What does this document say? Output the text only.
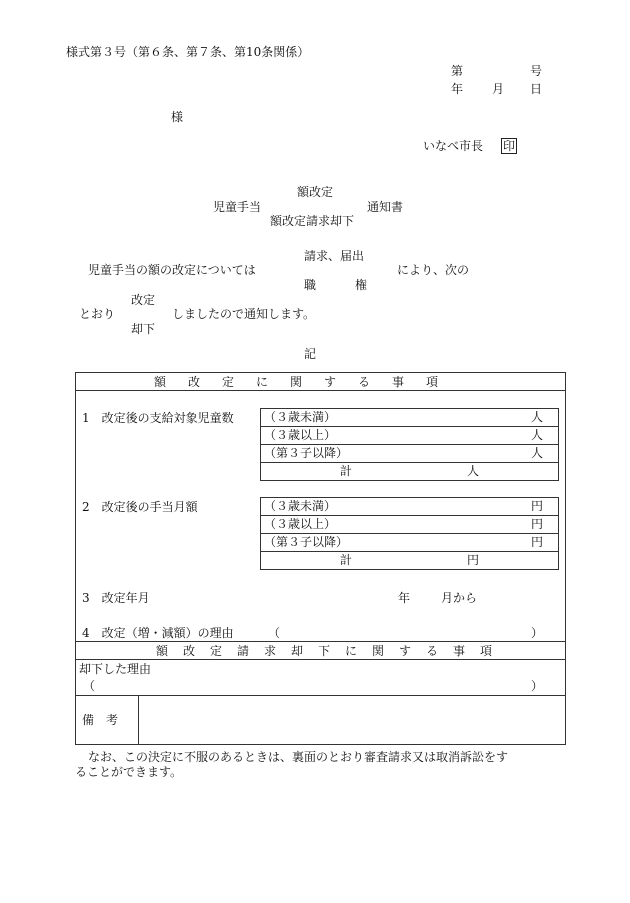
様式第３号（第６条、第７条、第10条関係）
第	号
年 月 日
様
いなべ市長 印
額改定
児童手当	通知書
額改定請求却下
請求、届出
児童手当の額の改定については	により、次の
職	権
改定
とおり	しましたので通知します。
却下
記
額改定に関する事項
1　改定後の支給対象児童数	（３歳未満）	人
（３歳以上）	人
（第３子以降）	人
計	人
2　改定後の手当月額	（３歳未満）	円
（３歳以上）	円
（第３子以降）	円
計	円
3　改定年月	年	月から
4　改定（増・減額）の理由	（	）
額改定請求却下に関する事項
却下した理由
（	）
備　考
なお、この決定に不服のあるときは、裏面のとおり審査請求又は取消訴訟をす
ることができます。
